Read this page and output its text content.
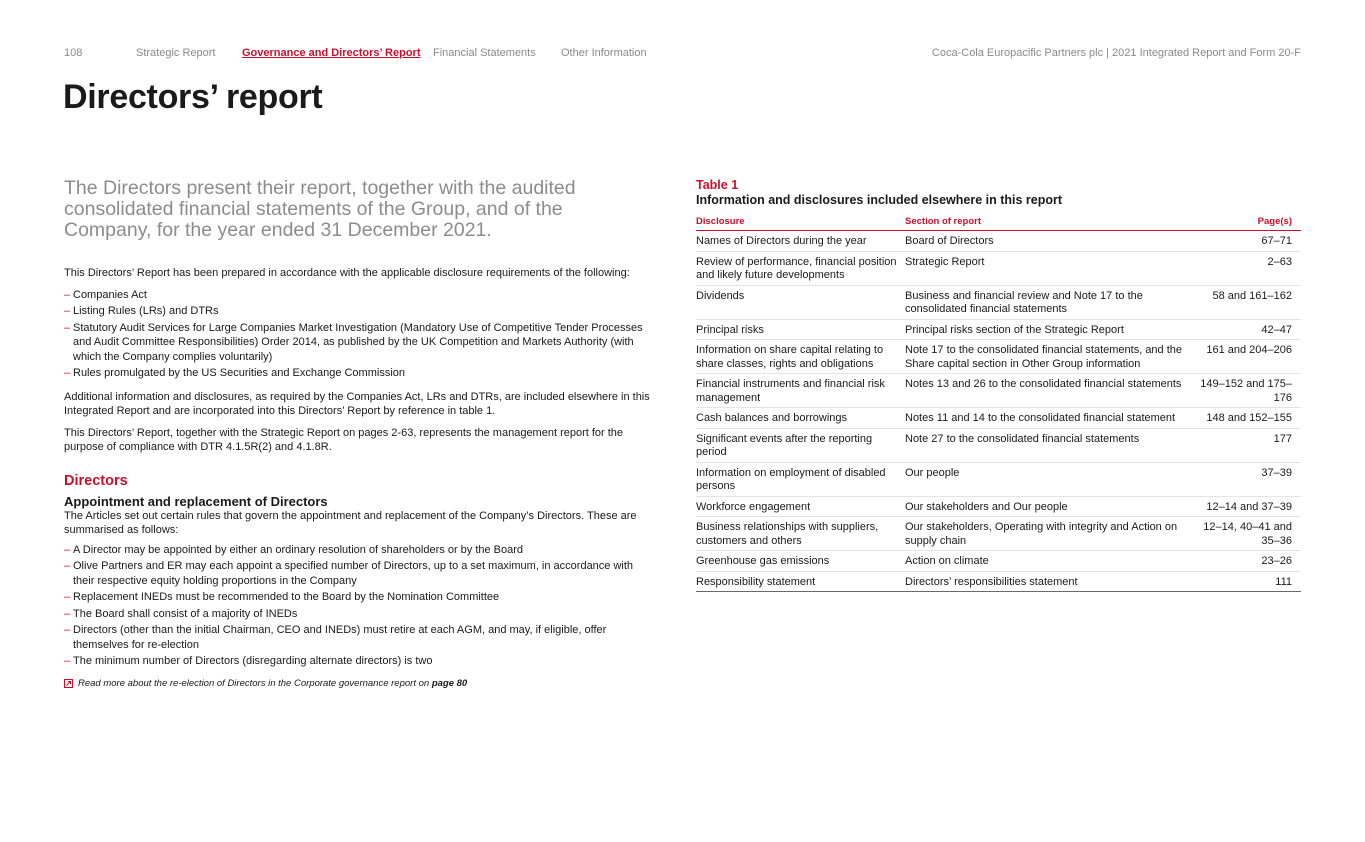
108	Strategic Report Governance and Directors’ Report Financial Statements Other Information	Coca-Cola Europacific Partners plc | 2021 Integrated Report and Form 20-F
Directors’ report

The Directors present their report, together with the audited consolidated financial statements of the Group, and of the Company, for the year ended 31 December 2021.

This Directors’ Report has been prepared in accordance with the applicable disclosure requirements of the following:

– Companies Act
– Listing Rules (LRs) and DTRs
– Statutory Audit Services for Large Companies Market Investigation (Mandatory Use of Competitive Tender Processes and Audit Committee Responsibilities) Order 2014, as published by the UK Competition and Markets Authority (with which the Company complies voluntarily)
– Rules promulgated by the US Securities and Exchange Commission

Additional information and disclosures, as required by the Companies Act, LRs and DTRs, are included elsewhere in this Integrated Report and are incorporated into this Directors’ Report by reference in table 1.

This Directors’ Report, together with the Strategic Report on pages 2-63, represents the management report for the purpose of compliance with DTR 4.1.5R(2) and 4.1.8R.

Directors
Appointment and replacement of Directors

The Articles set out certain rules that govern the appointment and replacement of the Company’s Directors. These are summarised as follows:

– A Director may be appointed by either an ordinary resolution of shareholders or by the Board
– Olive Partners and ER may each appoint a specified number of Directors, up to a set maximum, in accordance with their respective equity holding proportions in the Company
– Replacement INEDs must be recommended to the Board by the Nomination Committee
– The Board shall consist of a majority of INEDs
– Directors (other than the initial Chairman, CEO and INEDs) must retire at each AGM, and may, if eligible, offer themselves for re-election
– The minimum number of Directors (disregarding alternate directors) is two
Read more about the re-election of Directors in the Corporate governance report on page 80
Table 1
Information and disclosures included elsewhere in this report
Disclosure	Section of report	Page(s)
Names of Directors during the year	Board of Directors	67–71
Review of performance, financial position and likely future developments	Strategic Report	2–63
Dividends	Business and financial review and Note 17 to the consolidated financial statements	58 and 161–162
Principal risks	Principal risks section of the Strategic Report	42–47
Information on share capital relating to share classes, rights and obligations	Note 17 to the consolidated financial statements, and the Share capital section in Other Group information	161 and 204–206
Financial instruments and financial risk management	Notes 13 and 26 to the consolidated financial statements	149–152 and 175–176
Cash balances and borrowings	Notes 11 and 14 to the consolidated financial statement	148 and 152–155
Significant events after the reporting period	Note 27 to the consolidated financial statements	177
Information on employment of disabled persons	Our people	37–39
Workforce engagement	Our stakeholders and Our people	12–14 and 37–39
Business relationships with suppliers, customers and others	Our stakeholders, Operating with integrity and Action on supply chain	12–14, 40–41 and 35–36
Greenhouse gas emissions	Action on climate	23–26
Responsibility statement	Directors’ responsibilities statement	111
